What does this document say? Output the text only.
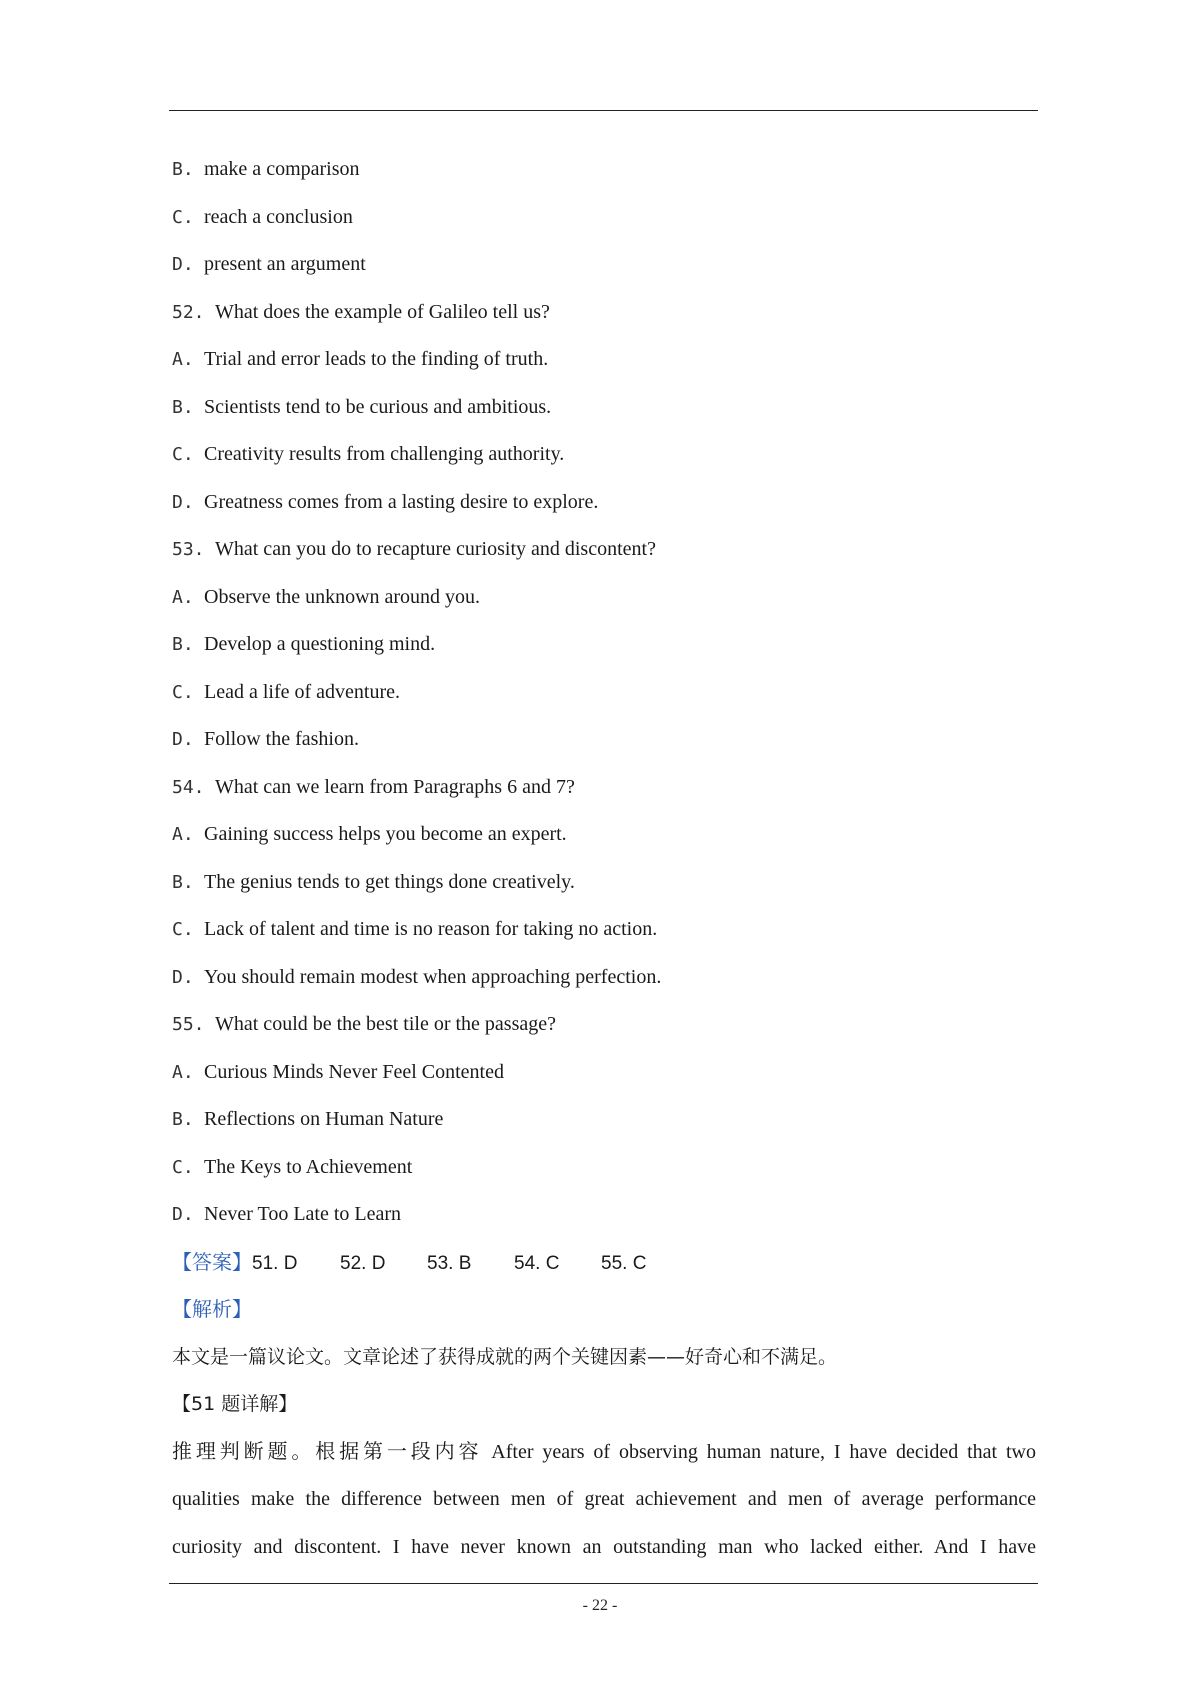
B. make a comparison
C. reach a conclusion
D. present an argument
52. What does the example of Galileo tell us?
A. Trial and error leads to the finding of truth.
B. Scientists tend to be curious and ambitious.
C. Creativity results from challenging authority.
D. Greatness comes from a lasting desire to explore.
53. What can you do to recapture curiosity and discontent?
A. Observe the unknown around you.
B. Develop a questioning mind.
C. Lead a life of adventure.
D. Follow the fashion.
54. What can we learn from Paragraphs 6 and 7?
A. Gaining success helps you become an expert.
B. The genius tends to get things done creatively.
C. Lack of talent and time is no reason for taking no action.
D. You should remain modest when approaching perfection.
55. What could be the best tile or the passage?
A. Curious Minds Never Feel Contented
B. Reflections on Human Nature
C. The Keys to Achievement
D. Never Too Late to Learn
【答案】51. D 52. D 53. B 54. C 55. C
【解析】
本文是一篇议论文。文章论述了获得成就的两个关键因素——好奇心和不满足。
【51 题详解】
推理判断题。根据第一段内容 After years of observing human nature, I have decided that two
qualities make the difference between men of great achievement and men of average performance
curiosity and discontent. I have never known an outstanding man who lacked either. And I have
- 22 -
